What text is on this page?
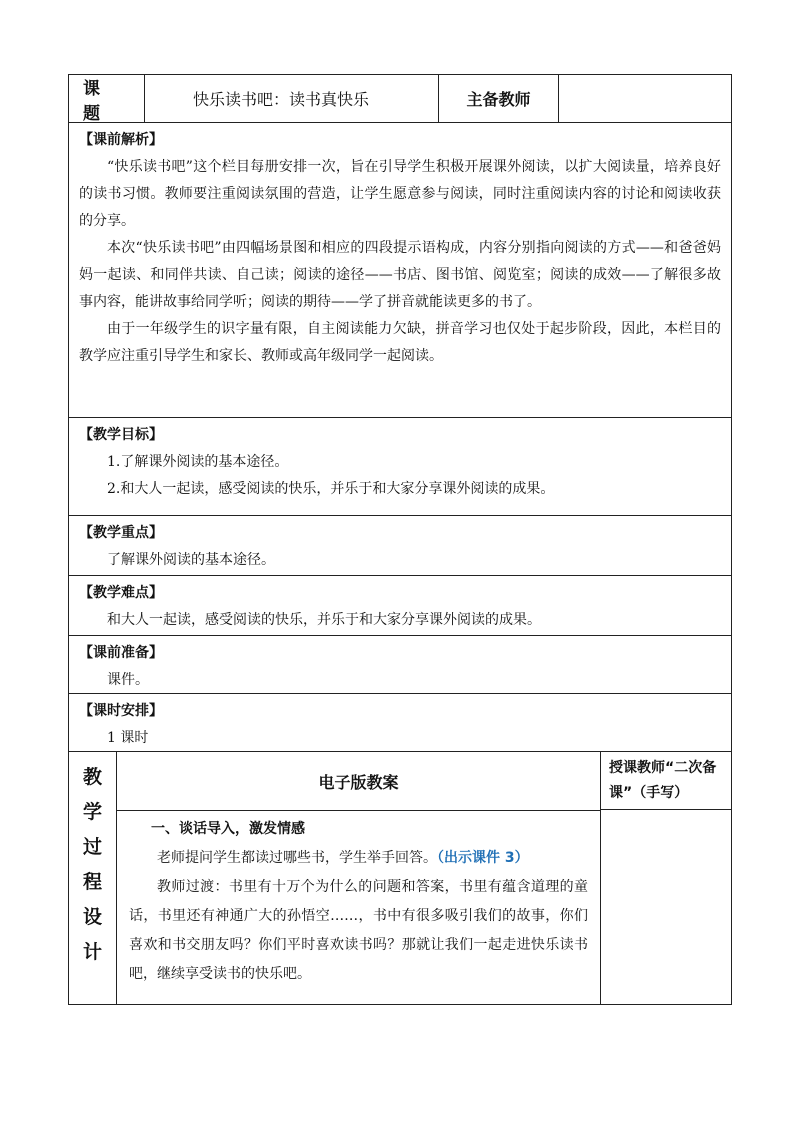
课 题
快乐读书吧：读书真快乐	主备教师
【课前解析】
“快乐读书吧”这个栏目每册安排一次，旨在引导学生积极开展课外阅读，以扩大阅读量，培养良好的读书习惯。教师要注重阅读氛围的营造，让学生愿意参与阅读，同时注重阅读内容的讨论和阅读收获的分享。
本次“快乐读书吧”由四幅场景图和相应的四段提示语构成，内容分别指向阅读的方式——和爸爸妈妈一起读、和同伴共读、自己读；阅读的途径——书店、图书馆、阅览室；阅读的成效——了解很多故事内容，能讲故事给同学听；阅读的期待——学了拼音就能读更多的书了。
由于一年级学生的识字量有限，自主阅读能力欠缺，拼音学习也仅处于起步阶段，因此，本栏目的教学应注重引导学生和家长、教师或高年级同学一起阅读。
【教学目标】
1.了解课外阅读的基本途径。
2.和大人一起读，感受阅读的快乐，并乐于和大家分享课外阅读的成果。
【教学重点】
了解课外阅读的基本途径。
【教学难点】
和大人一起读，感受阅读的快乐，并乐于和大家分享课外阅读的成果。
【课前准备】
课件。
【课时安排】
1 课时
教
学
过
程
设
计
电子版教案
一、谈话导入，激发情感
老师提问学生都读过哪些书，学生举手回答。（出示课件 3）
教师过渡：书里有十万个为什么的问题和答案，书里有蕴含道理的童话，书里还有神通广大的孙悟空……，书中有很多吸引我们的故事，你们喜欢和书交朋友吗？你们平时喜欢读书吗？那就让我们一起走进快乐读书吧，继续享受读书的快乐吧。
授课教师“二次备课”（手写）
